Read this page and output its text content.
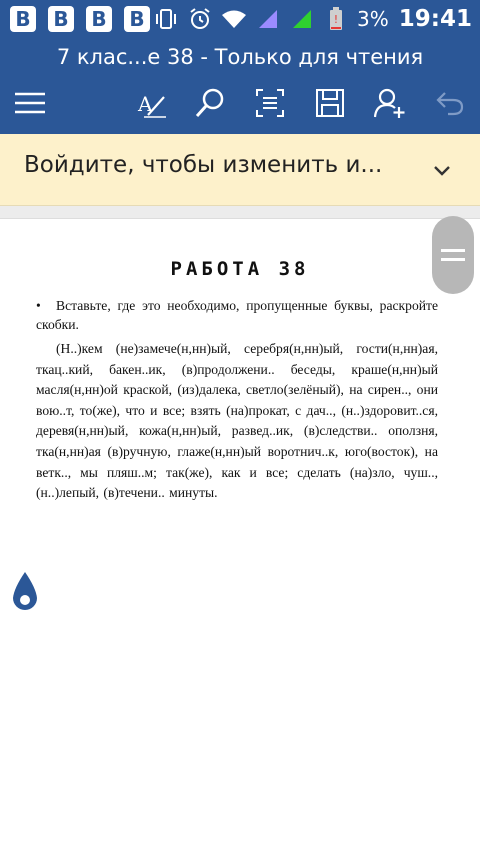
В В В В	! 3% 19:41
7 клас...е 38 - Только для чтения
A
Войдите, чтобы изменить и...
РАБОТА 38
•	Вставьте, где это необходимо, пропущенные буквы, раскройте скобки.
(Н..)кем (не)замече(н,нн)ый, серебря(н,нн)ый, гости(н,нн)ая, ткац..кий, бакен..ик, (в)продолжени.. беседы, краше(н,нн)ый масля(н,нн)ой краской, (из)далека, светло(зелёный), на сирен.., они вою..т, то(же), что и все; взять (на)прокат, с дач.., (н..)здоровит..ся, деревя(н,нн)ый, кожа(н,нн)ый, развед..ик, (в)следстви.. оползня, тка(н,нн)ая (в)ручную, глаже(н,нн)ый воротнич..к, юго(восток), на ветк.., мы пляш..м; так(же), как и все; сделать (на)зло, чуш.., (н..)лепый, (в)течени.. минуты.
